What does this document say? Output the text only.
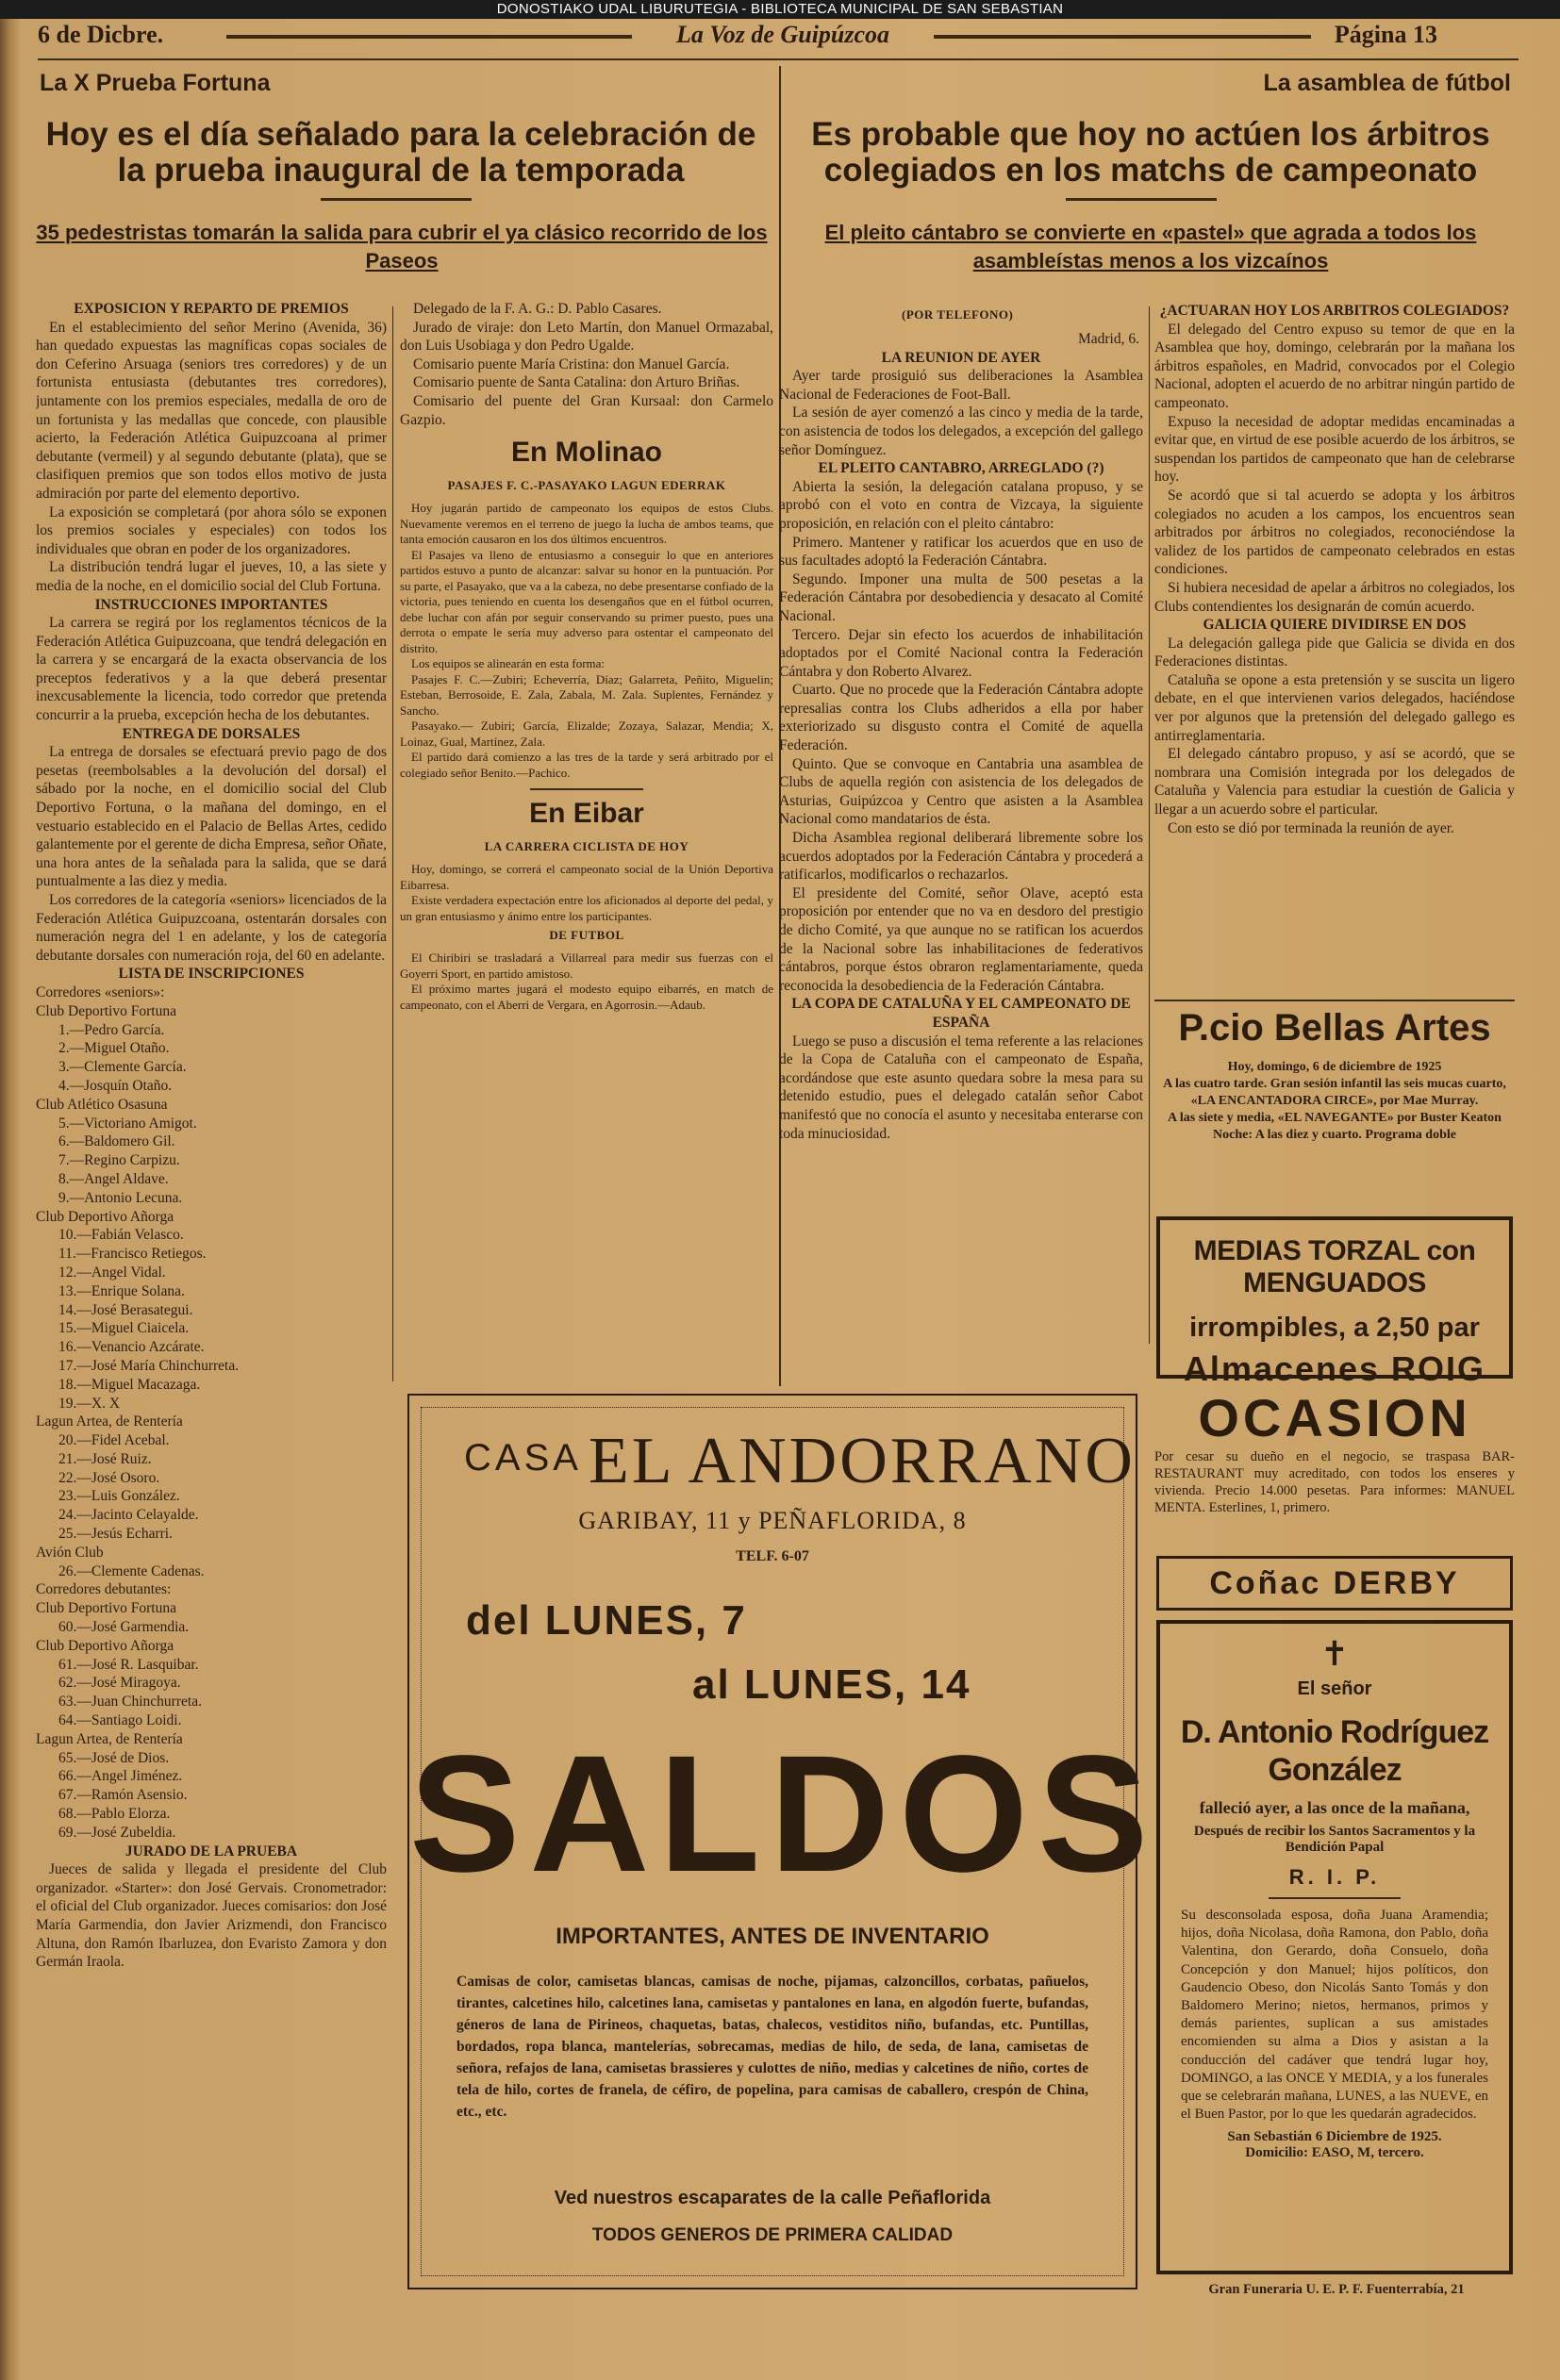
DONOSTIAKO UDAL LIBURUTEGIA - BIBLIOTECA MUNICIPAL DE SAN SEBASTIAN
6 de Dicbre.	La Voz de Guipúzcoa	Página 13
La X Prueba Fortuna
Hoy es el día señalado para la celebración de la prueba inaugural de la temporada
35 pedestristas tomarán la salida para cubrir el ya clásico recorrido de los Paseos

EXPOSICION Y REPARTO DE PREMIOS

En el establecimiento del señor Merino (Avenida, 36) han quedado expuestas las magníficas copas sociales de don Ceferino Arsuaga (seniors tres corredores) y de un fortunista entusiasta (debutantes tres corredores), juntamente con los premios especiales, medalla de oro de un fortunista y las medallas que concede, con plausible acierto, la Federación Atlética Guipuzcoana al primer debutante (vermeil) y al segundo debutante (plata), que se clasifiquen premios que son todos ellos motivo de justa admiración por parte del elemento deportivo.

La exposición se completará (por ahora sólo se exponen los premios sociales y especiales) con todos los individuales que obran en poder de los organizadores.

La distribución tendrá lugar el jueves, 10, a las siete y media de la noche, en el domicilio social del Club Fortuna.

INSTRUCCIONES IMPORTANTES

La carrera se regirá por los reglamentos técnicos de la Federación Atlética Guipuzcoana, que tendrá delegación en la carrera y se encargará de la exacta observancia de los preceptos federativos y a la que deberá presentar inexcusablemente la licencia, todo corredor que pretenda concurrir a la prueba, excepción hecha de los debutantes.

ENTREGA DE DORSALES

La entrega de dorsales se efectuará previo pago de dos pesetas (reembolsables a la devolución del dorsal) el sábado por la noche, en el domicilio social del Club Deportivo Fortuna, o la mañana del domingo, en el vestuario establecido en el Palacio de Bellas Artes, cedido galantemente por el gerente de dicha Empresa, señor Oñate, una hora antes de la señalada para la salida, que se dará puntualmente a las diez y media.

Los corredores de la categoría «seniors» licenciados de la Federación Atlética Guipuzcoana, ostentarán dorsales con numeración negra del 1 en adelante, y los de categoría debutante dorsales con numeración roja, del 60 en adelante.

LISTA DE INSCRIPCIONES

Corredores «seniors»:
Club Deportivo Fortuna
1.—Pedro García.
2.—Miguel Otaño.
3.—Clemente García.
4.—Josquín Otaño.
Club Atlético Osasuna
5.—Victoriano Amigot.
6.—Baldomero Gil.
7.—Regino Carpizu.
8.—Angel Aldave.
9.—Antonio Lecuna.
Club Deportivo Añorga
10.—Fabián Velasco.
11.—Francisco Retiegos.
12.—Angel Vidal.
13.—Enrique Solana.
14.—José Berasategui.
15.—Miguel Ciaicela.
16.—Venancio Azcárate.
17.—José María Chinchurreta.
18.—Miguel Macazaga.
19.—X. X
Lagun Artea, de Rentería
20.—Fidel Acebal.
21.—José Ruiz.
22.—José Osoro.
23.—Luis González.
24.—Jacinto Celayalde.
25.—Jesús Echarri.
Avión Club
26.—Clemente Cadenas.
Corredores debutantes:
Club Deportivo Fortuna
60.—José Garmendia.
Club Deportivo Añorga
61.—José R. Lasquibar.
62.—José Miragoya.
63.—Juan Chinchurreta.
64.—Santiago Loidi.
Lagun Artea, de Rentería
65.—José de Dios.
66.—Angel Jiménez.
67.—Ramón Asensio.
68.—Pablo Elorza.
69.—José Zubeldia.

JURADO DE LA PRUEBA

Jueces de salida y llegada el presidente del Club organizador. «Starter»: don José Gervais. Cronometrador: el oficial del Club organizador. Jueces comisarios: don José María Garmendia, don Javier Arizmendi, don Francisco Altuna, don Ramón Ibarluzea, don Evaristo Zamora y don Germán Iraola.

Delegado de la F. A. G.: D. Pablo Casares.

Jurado de viraje: don Leto Martín, don Manuel Ormazabal, don Luis Usobiaga y don Pedro Ugalde.

Comisario puente María Cristina: don Manuel García.

Comisario puente de Santa Catalina: don Arturo Briñas.

Comisario del puente del Gran Kursaal: don Carmelo Gazpio.

En Molinao
PASAJES F. C.-PASAYAKO LAGUN EDERRAK

Hoy jugarán partido de campeonato los equipos de estos Clubs. Nuevamente veremos en el terreno de juego la lucha de ambos teams, que tanta emoción causaron en los dos últimos encuentros.

El Pasajes va lleno de entusiasmo a conseguir lo que en anteriores partidos estuvo a punto de alcanzar: salvar su honor en la puntuación. Por su parte, el Pasayako, que va a la cabeza, no debe presentarse confiado de la victoria, pues teniendo en cuenta los desengaños que en el fútbol ocurren, debe luchar con afán por seguir conservando su primer puesto, pues una derrota o empate le sería muy adverso para ostentar el campeonato del distrito.

Los equipos se alinearán en esta forma:

Pasajes F. C.—Zubiri; Echeverría, Díaz; Galarreta, Peñito, Miguelin; Esteban, Berrosoide, E. Zala, Zabala, M. Zala. Suplentes, Fernández y Sancho.

Pasayako.— Zubiri; García, Elizalde; Zozaya, Salazar, Mendia; X, Loinaz, Gual, Martínez, Zala.

El partido dará comienzo a las tres de la tarde y será arbitrado por el colegiado señor Benito.—Pachico.

En Eibar
LA CARRERA CICLISTA DE HOY

Hoy, domingo, se correrá el campeonato social de la Unión Deportiva Eibarresa.

Existe verdadera expectación entre los aficionados al deporte del pedal, y un gran entusiasmo y ánimo entre los participantes.

DE FUTBOL

El Chiribiri se trasladará a Villarreal para medir sus fuerzas con el Goyerri Sport, en partido amistoso.

El próximo martes jugará el modesto equipo eibarrés, en match de campeonato, con el Aberri de Vergara, en Agorrosin.—Adaub.

La asamblea de fútbol
Es probable que hoy no actúen los árbitros colegiados en los matchs de campeonato
El pleito cántabro se convierte en «pastel» que agrada a todos los asambleístas menos a los vizcaínos
(POR TELEFONO)
Madrid, 6.

LA REUNION DE AYER

Ayer tarde prosiguió sus deliberaciones la Asamblea Nacional de Federaciones de Foot-Ball.

La sesión de ayer comenzó a las cinco y media de la tarde, con asistencia de todos los delegados, a excepción del gallego señor Domínguez.

EL PLEITO CANTABRO, ARREGLADO (?)

Abierta la sesión, la delegación catalana propuso, y se aprobó con el voto en contra de Vizcaya, la siguiente proposición, en relación con el pleito cántabro:

Primero. Mantener y ratificar los acuerdos que en uso de sus facultades adoptó la Federación Cántabra.

Segundo. Imponer una multa de 500 pesetas a la Federación Cántabra por desobediencia y desacato al Comité Nacional.

Tercero. Dejar sin efecto los acuerdos de inhabilitación adoptados por el Comité Nacional contra la Federación Cántabra y don Roberto Alvarez.

Cuarto. Que no procede que la Federación Cántabra adopte represalias contra los Clubs adheridos a ella por haber exteriorizado su disgusto contra el Comité de aquella Federación.

Quinto. Que se convoque en Cantabria una asamblea de Clubs de aquella región con asistencia de los delegados de Asturias, Guipúzcoa y Centro que asisten a la Asamblea Nacional como mandatarios de ésta.

Dicha Asamblea regional deliberará libremente sobre los acuerdos adoptados por la Federación Cántabra y procederá a ratificarlos, modificarlos o rechazarlos.

El presidente del Comité, señor Olave, aceptó esta proposición por entender que no va en desdoro del prestigio de dicho Comité, ya que aunque no se ratifican los acuerdos de la Nacional sobre las inhabilitaciones de federativos cántabros, porque éstos obraron reglamentariamente, queda reconocida la desobediencia de la Federación Cántabra.

LA COPA DE CATALUÑA Y EL CAMPEONATO DE ESPAÑA

Luego se puso a discusión el tema referente a las relaciones de la Copa de Cataluña con el campeonato de España, acordándose que este asunto quedara sobre la mesa para su detenido estudio, pues el delegado catalán señor Cabot manifestó que no conocía el asunto y necesitaba enterarse con toda minuciosidad.

¿ACTUARAN HOY LOS ARBITROS COLEGIADOS?

El delegado del Centro expuso su temor de que en la Asamblea que hoy, domingo, celebrarán por la mañana los árbitros españoles, en Madrid, convocados por el Colegio Nacional, adopten el acuerdo de no arbitrar ningún partido de campeonato.

Expuso la necesidad de adoptar medidas encaminadas a evitar que, en virtud de ese posible acuerdo de los árbitros, se suspendan los partidos de campeonato que han de celebrarse hoy.

Se acordó que si tal acuerdo se adopta y los árbitros colegiados no acuden a los campos, los encuentros sean arbitrados por árbitros no colegiados, reconociéndose la validez de los partidos de campeonato celebrados en estas condiciones.

Si hubiera necesidad de apelar a árbitros no colegiados, los Clubs contendientes los designarán de común acuerdo.

GALICIA QUIERE DIVIDIRSE EN DOS

La delegación gallega pide que Galicia se divida en dos Federaciones distintas.

Cataluña se opone a esta pretensión y se suscita un ligero debate, en el que intervienen varios delegados, haciéndose ver por algunos que la pretensión del delegado gallego es antirreglamentaria.

El delegado cántabro propuso, y así se acordó, que se nombrara una Comisión integrada por los delegados de Cataluña y Valencia para estudiar la cuestión de Galicia y llegar a un acuerdo sobre el particular.

Con esto se dió por terminada la reunión de ayer.

P.cio Bellas Artes
Hoy, domingo, 6 de diciembre de 1925
A las cuatro tarde. Gran sesión infantil las seis mucas cuarto, «LA ENCANTADORA CIRCE», por Mae Murray.
A las siete y media, «EL NAVEGANTE» por Buster Keaton
Noche: A las diez y cuarto. Programa doble
MEDIAS TORZAL con MENGUADOS
irrompibles, a 2,50 par
Almacenes ROIG
OCASION
Por cesar su dueño en el negocio, se traspasa BAR-RESTAURANT muy acreditado, con todos los enseres y vivienda. Precio 14.000 pesetas. Para informes: MANUEL MENTA. Esterlines, 1, primero.
Coñac DERBY
✝
El señor
D. Antonio Rodríguez González
falleció ayer, a las once de la mañana,
Después de recibir los Santos Sacramentos y la Bendición Papal
R. I. P.
Su desconsolada esposa, doña Juana Aramendia; hijos, doña Nicolasa, doña Ramona, don Pablo, doña Valentina, don Gerardo, doña Consuelo, doña Concepción y don Manuel; hijos políticos, don Gaudencio Obeso, don Nicolás Santo Tomás y don Baldomero Merino; nietos, hermanos, primos y demás parientes, suplican a sus amistades encomienden su alma a Dios y asistan a la conducción del cadáver que tendrá lugar hoy, DOMINGO, a las ONCE Y MEDIA, y a los funerales que se celebrarán mañana, LUNES, a las NUEVE, en el Buen Pastor, por lo que les quedarán agradecidos.
San Sebastián 6 Diciembre de 1925.
Domicilio: EASO, M, tercero.
Gran Funeraria U. E. P. F. Fuenterrabía, 21
CASA EL ANDORRANO
GARIBAY, 11 y PEÑAFLORIDA, 8
TELF. 6-07
del LUNES, 7
al LUNES, 14
SALDOS
IMPORTANTES, ANTES DE INVENTARIO
Camisas de color, camisetas blancas, camisas de noche, pijamas, calzoncillos, corbatas, pañuelos, tirantes, calcetines hilo, calcetines lana, camisetas y pantalones en lana, en algodón fuerte, bufandas, géneros de lana de Pirineos, chaquetas, batas, chalecos, vestiditos niño, bufandas, etc. Puntillas, bordados, ropa blanca, mantelerías, sobrecamas, medias de hilo, de seda, de lana, camisetas de señora, refajos de lana, camisetas brassieres y culottes de niño, medias y calcetines de niño, cortes de tela de hilo, cortes de franela, de céfiro, de popelina, para camisas de caballero, crespón de China, etc., etc.
Ved nuestros escaparates de la calle Peñaflorida
TODOS GENEROS DE PRIMERA CALIDAD
